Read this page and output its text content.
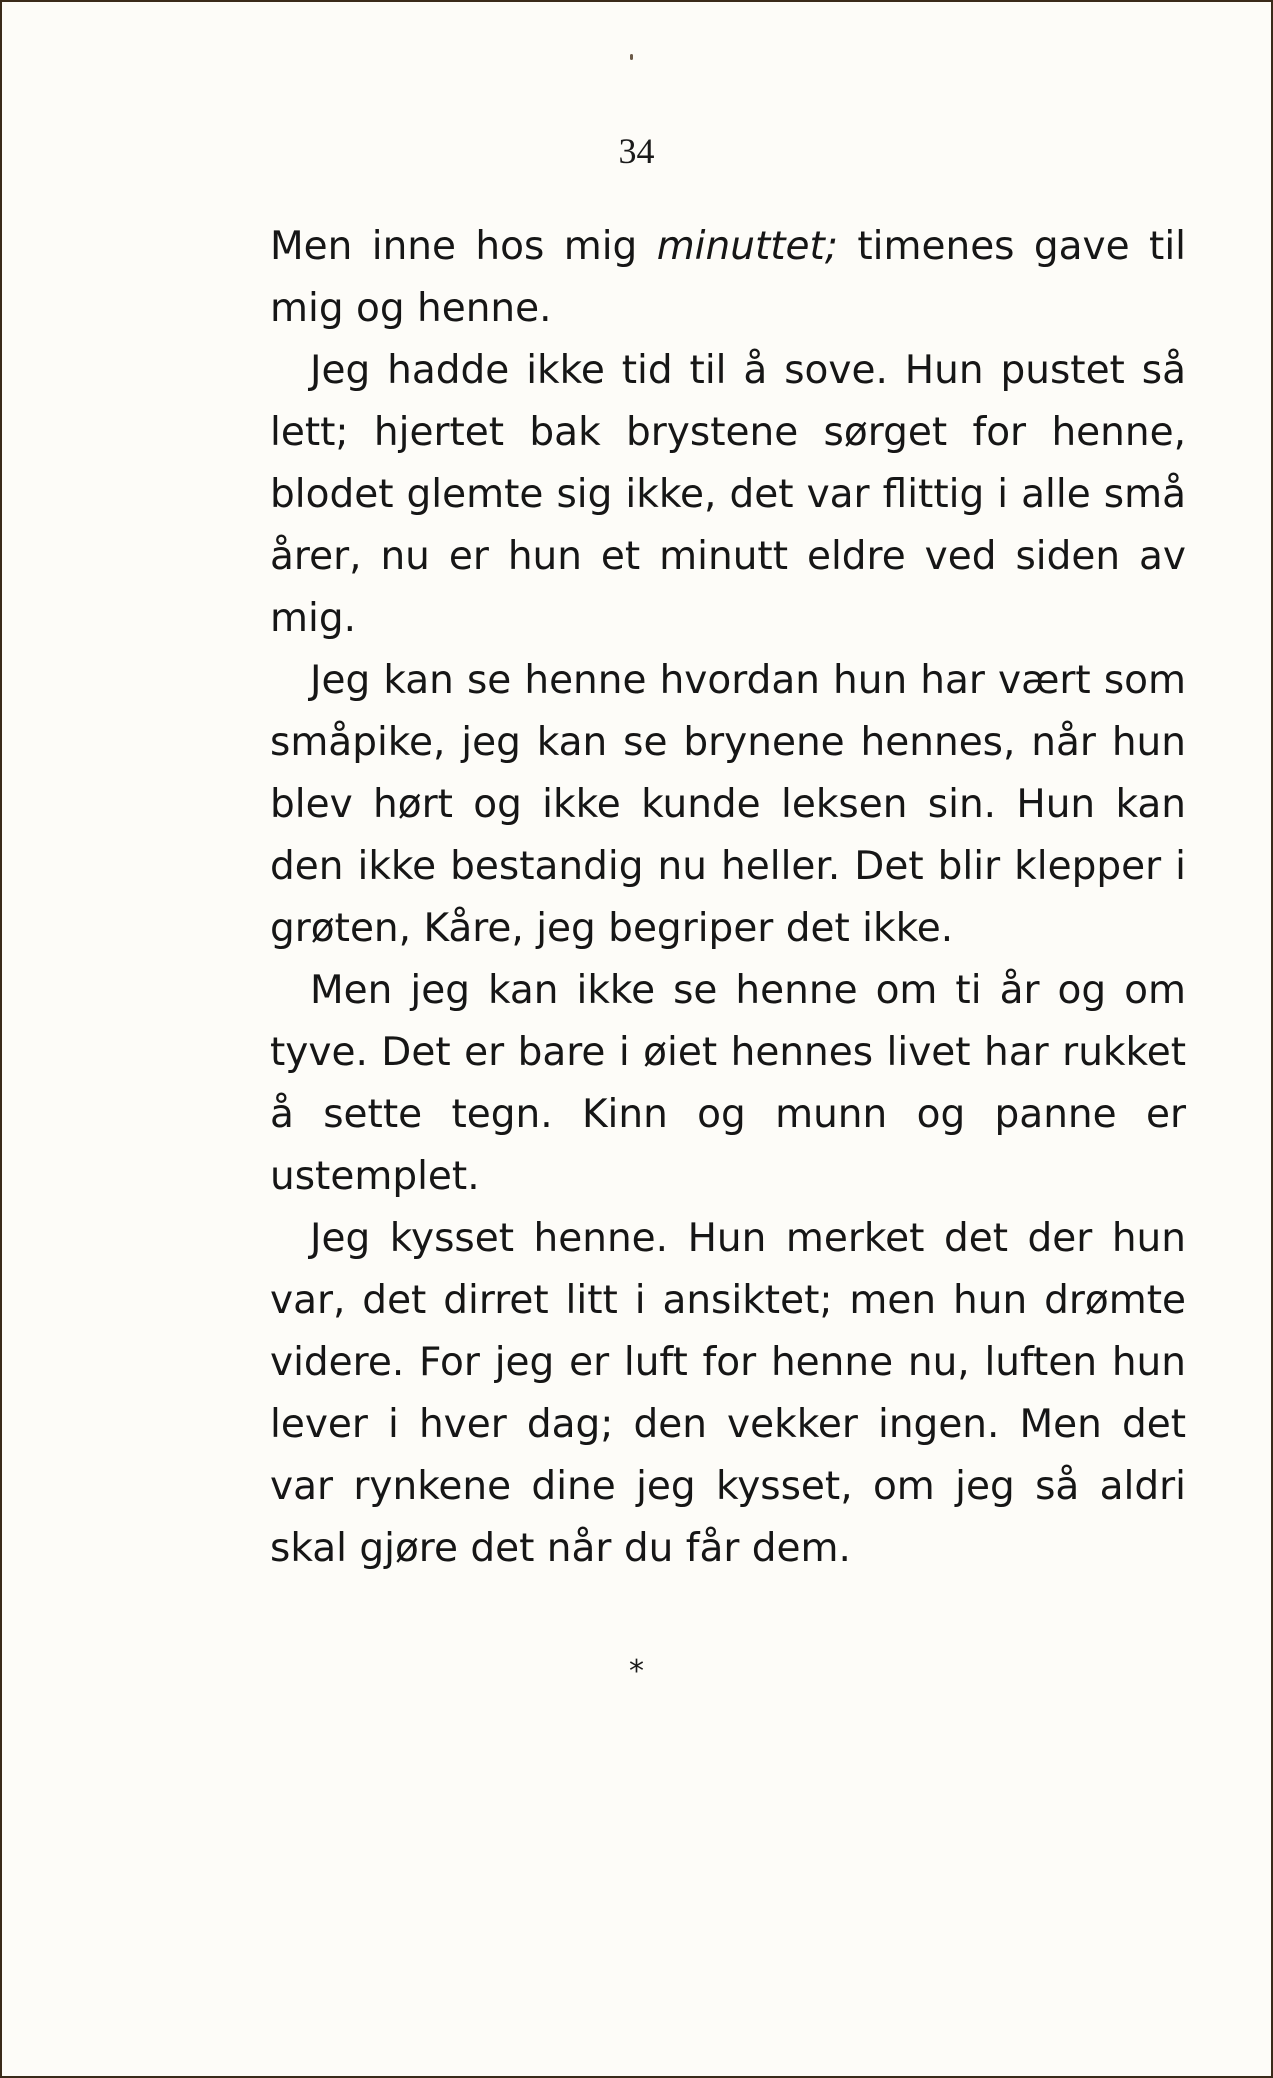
34

Men inne hos mig minuttet; timenes gave til mig og henne.

Jeg hadde ikke tid til å sove. Hun pustet så lett; hjertet bak brystene sørget for henne, blodet glemte sig ikke, det var flittig i alle små årer, nu er hun et minutt eldre ved siden av mig.

Jeg kan se henne hvordan hun har vært som småpike, jeg kan se brynene hennes, når hun blev hørt og ikke kunde leksen sin. Hun kan den ikke bestandig nu heller. Det blir klepper i grøten, Kåre, jeg begriper det ikke.

Men jeg kan ikke se henne om ti år og om tyve. Det er bare i øiet hennes livet har rukket å sette tegn. Kinn og munn og panne er ustemplet.

Jeg kysset henne. Hun merket det der hun var, det dirret litt i ansiktet; men hun drømte videre. For jeg er luft for henne nu, luften hun lever i hver dag; den vekker ingen. Men det var rynkene dine jeg kysset, om jeg så aldri skal gjøre det når du får dem.

*
